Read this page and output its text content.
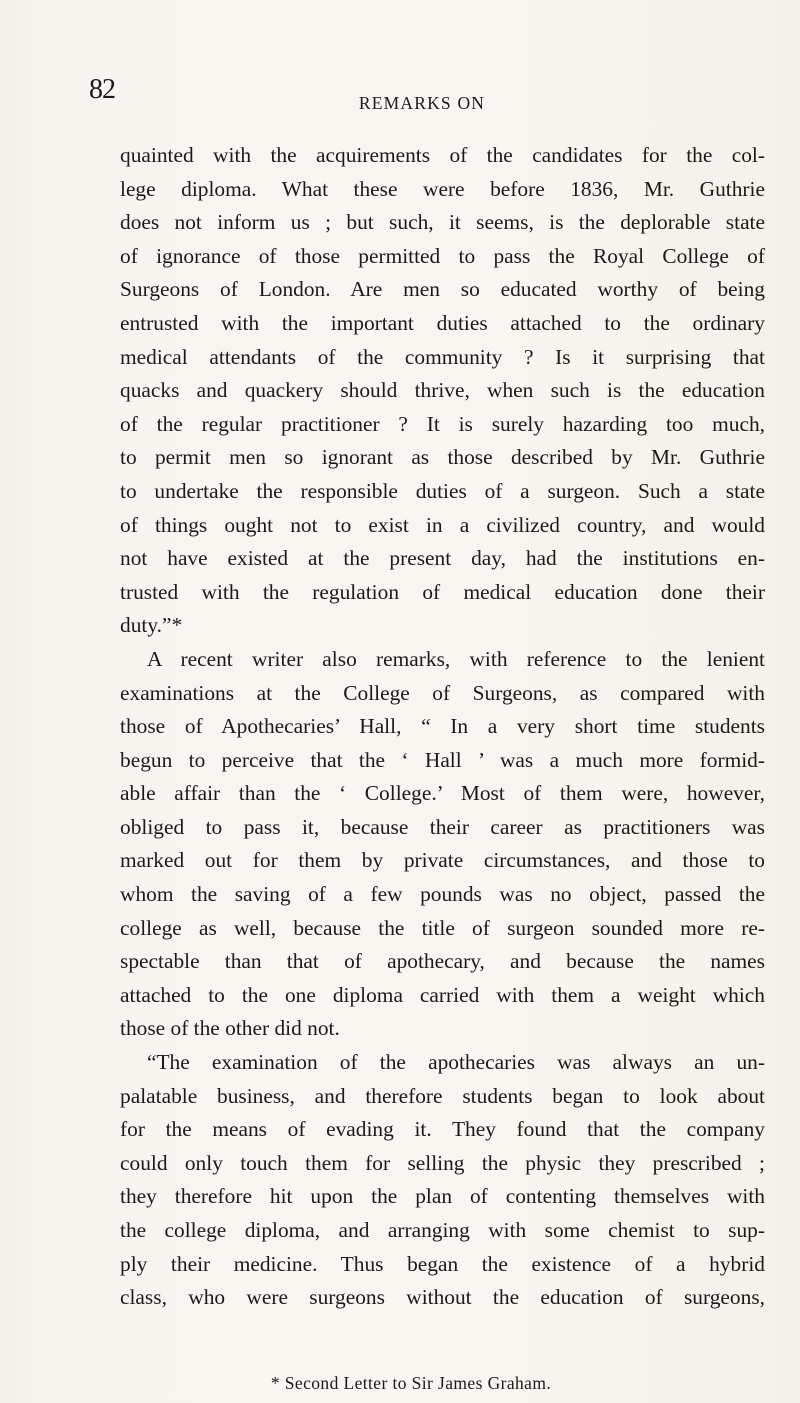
82	REMARKS ON
quainted with the acquirements of the candidates for the col-
lege diploma. What these were before 1836, Mr. Guthrie
does not inform us ; but such, it seems, is the deplorable state
of ignorance of those permitted to pass the Royal College of
Surgeons of London. Are men so educated worthy of being
entrusted with the important duties attached to the ordinary
medical attendants of the community ? Is it surprising that
quacks and quackery should thrive, when such is the education
of the regular practitioner ? It is surely hazarding too much,
to permit men so ignorant as those described by Mr. Guthrie
to undertake the responsible duties of a surgeon. Such a state
of things ought not to exist in a civilized country, and would
not have existed at the present day, had the institutions en-
trusted with the regulation of medical education done their
duty.”*
A recent writer also remarks, with reference to the lenient
examinations at the College of Surgeons, as compared with
those of Apothecaries’ Hall, “ In a very short time students
begun to perceive that the ‘ Hall ’ was a much more formid-
able affair than the ‘ College.’ Most of them were, however,
obliged to pass it, because their career as practitioners was
marked out for them by private circumstances, and those to
whom the saving of a few pounds was no object, passed the
college as well, because the title of surgeon sounded more re-
spectable than that of apothecary, and because the names
attached to the one diploma carried with them a weight which
those of the other did not.
“The examination of the apothecaries was always an un-
palatable business, and therefore students began to look about
for the means of evading it. They found that the company
could only touch them for selling the physic they prescribed ;
they therefore hit upon the plan of contenting themselves with
the college diploma, and arranging with some chemist to sup-
ply their medicine. Thus began the existence of a hybrid
class, who were surgeons without the education of surgeons,
* Second Letter to Sir James Graham.
